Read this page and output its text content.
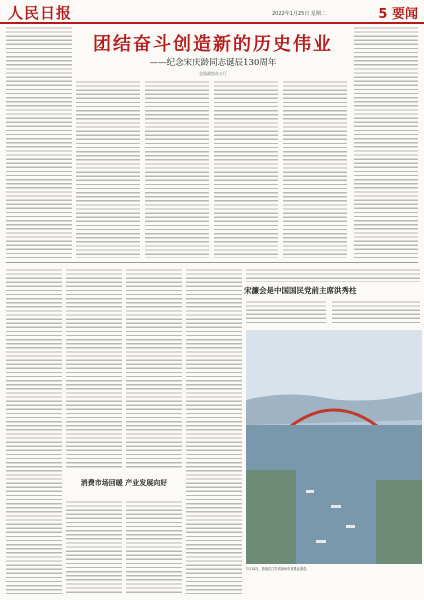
人民日报	2022年1月25日 星期二	5 要闻
团结奋斗创造新的历史伟业
——纪念宋庆龄同志诞辰130周年
全国政协办公厅
消费市场回暖 产业发展向好
宋濂会是中国国民党前主席洪秀柱
1月24日，游客在江苏省扬州市某景区游览。
